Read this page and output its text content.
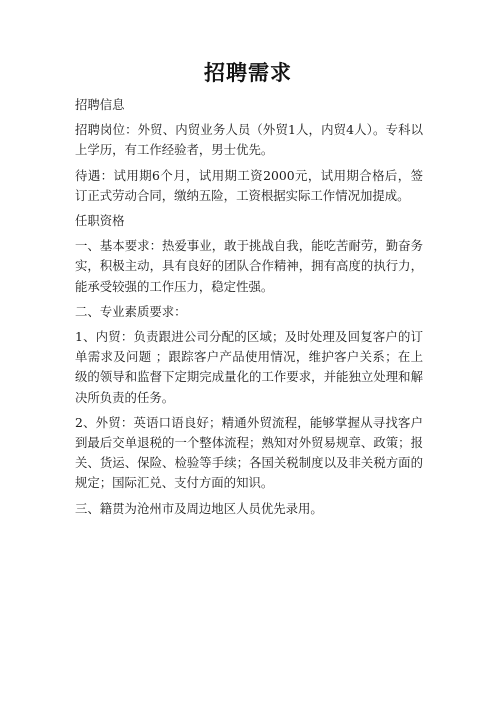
招聘需求

招聘信息

招聘岗位：外贸、内贸业务人员（外贸1人，内贸4人）。专科以上学历，有工作经验者，男士优先。

待遇：试用期6个月，试用期工资2000元，试用期合格后，签订正式劳动合同，缴纳五险，工资根据实际工作情况加提成。

任职资格

一、基本要求：热爱事业，敢于挑战自我，能吃苦耐劳，勤奋务实，积极主动，具有良好的团队合作精神，拥有高度的执行力，能承受较强的工作压力，稳定性强。

二、专业素质要求：

1、内贸：负责跟进公司分配的区域；及时处理及回复客户的订单需求及问题 ；跟踪客户产品使用情况，维护客户关系；在上级的领导和监督下定期完成量化的工作要求，并能独立处理和解决所负责的任务。

2、外贸：英语口语良好；精通外贸流程，能够掌握从寻找客户到最后交单退税的一个整体流程；熟知对外贸易规章、政策；报关、货运、保险、检验等手续；各国关税制度以及非关税方面的规定；国际汇兑、支付方面的知识。

三、籍贯为沧州市及周边地区人员优先录用。
